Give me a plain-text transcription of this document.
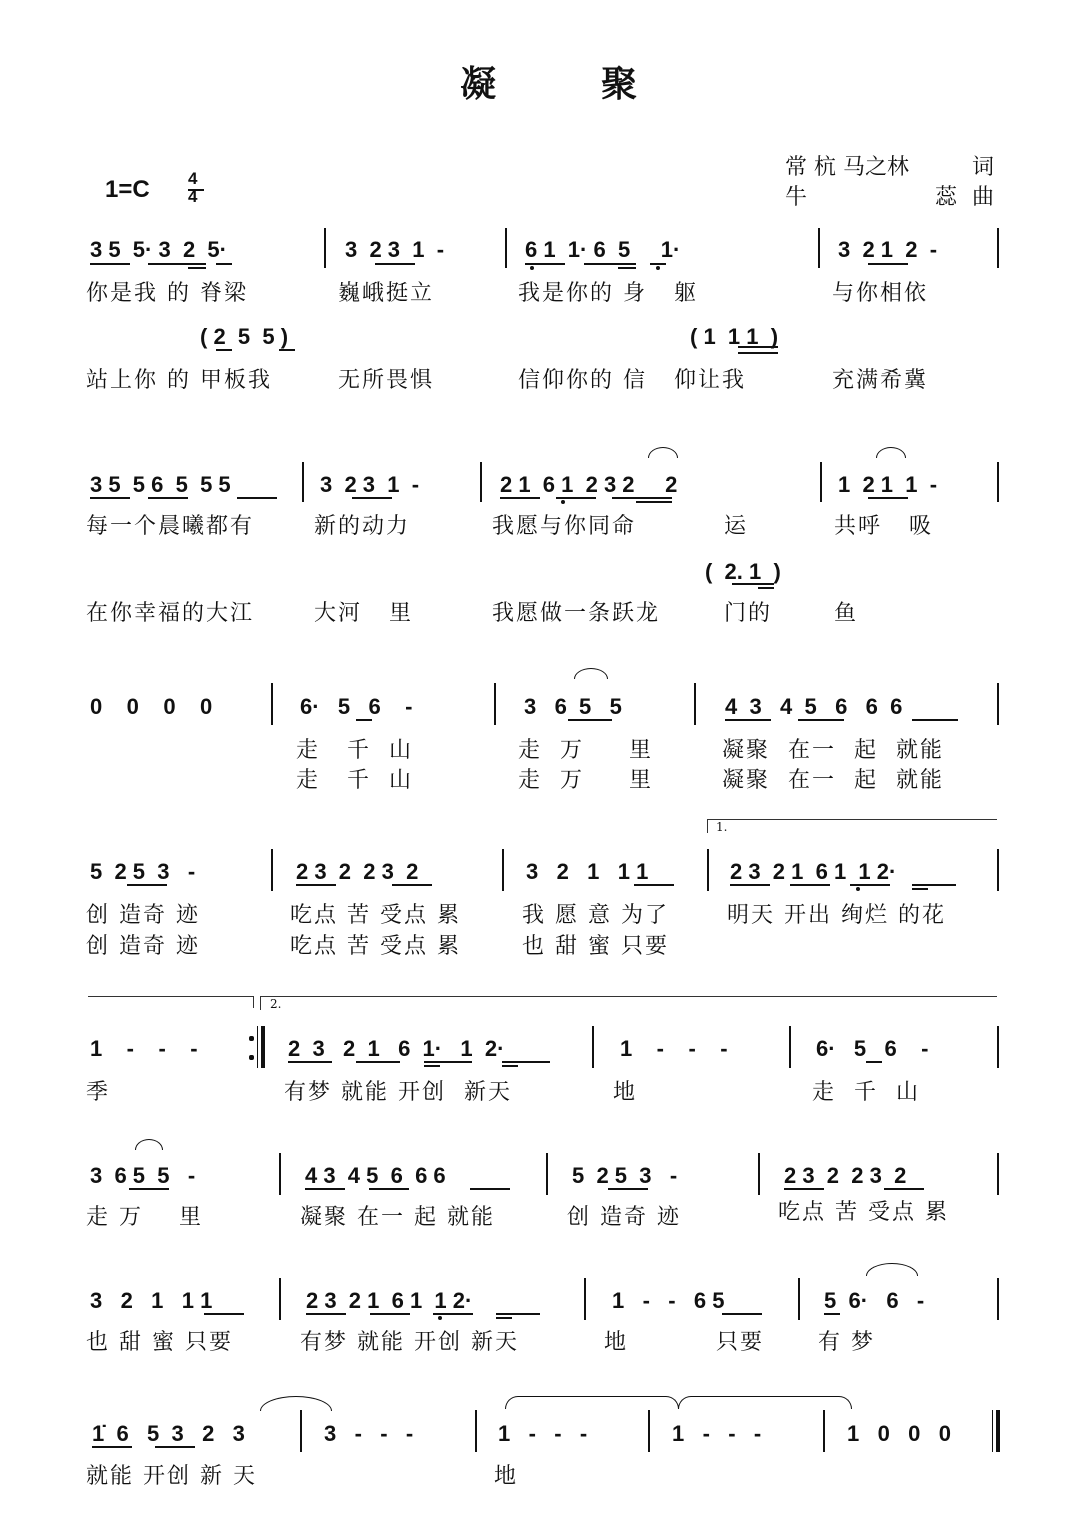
凝	聚
1=C 4
4
常 杭 马之林	词
牛	蕊 曲
3 5  5· 3  2  5·	3  2 3  1  -	6 1  1· 6  5     1·	3  2 1  2  -
你是我 的 脊梁	巍峨挺立	我是你的 身   躯	与你相依
( 2  5  5 )	( 1  1 1  )
站上你 的 甲板我	无所畏惧	信仰你的 信   仰让我	充满希冀
3 5  5 6  5  5 5	3  2 3  1  -	2 1  6 1  2 3 2     2	1  2 1  1  -
每一个晨曦都有	新的动力	我愿与你同命	运	共呼   吸
(  2. 1  )
在你幸福的大江	大河   里	我愿做一条跃龙	门的	鱼
0    0    0    0	6·   5   6    -	3   6  5   5	4  3   4  5   6   6  6
走   千  山	走  万     里	凝聚  在一  起  就能
走   千  山	走  万     里	凝聚  在一  起  就能
1.
5  2 5  3   -	2 3  2  2 3  2	3   2   1   1 1	2 3  2 1  6 1  1 2·
创 造奇 迹	吃点 苦 受点 累	我 愿 意 为了	明天 开出 绚烂 的花
创 造奇 迹	吃点 苦 受点 累	也 甜 蜜 只要
2.
1    -    -    -	2  3   2  1   6  1·   1  2·	1    -    -    -	6·   5   6    -
季	有梦 就能 开创  新天	地	走  千  山
3  6 5  5   -	4 3  4 5  6  6 6	5  2 5  3   -	2 3  2  2 3  2
走 万    里	凝聚 在一 起 就能	创 造奇 迹	吃点 苦 受点 累
3   2   1   1 1	2 3  2 1  6 1  1 2·	1   -   -   6 5	5  6·   6   -
也 甜 蜜 只要	有梦 就能 开创 新天	地	只要 有 梦
1̇  6   5  3   2   3	3   -   -   -	1   -   -   -	1   -   -   -	1   0   0   0
就能 开创 新 天	地
